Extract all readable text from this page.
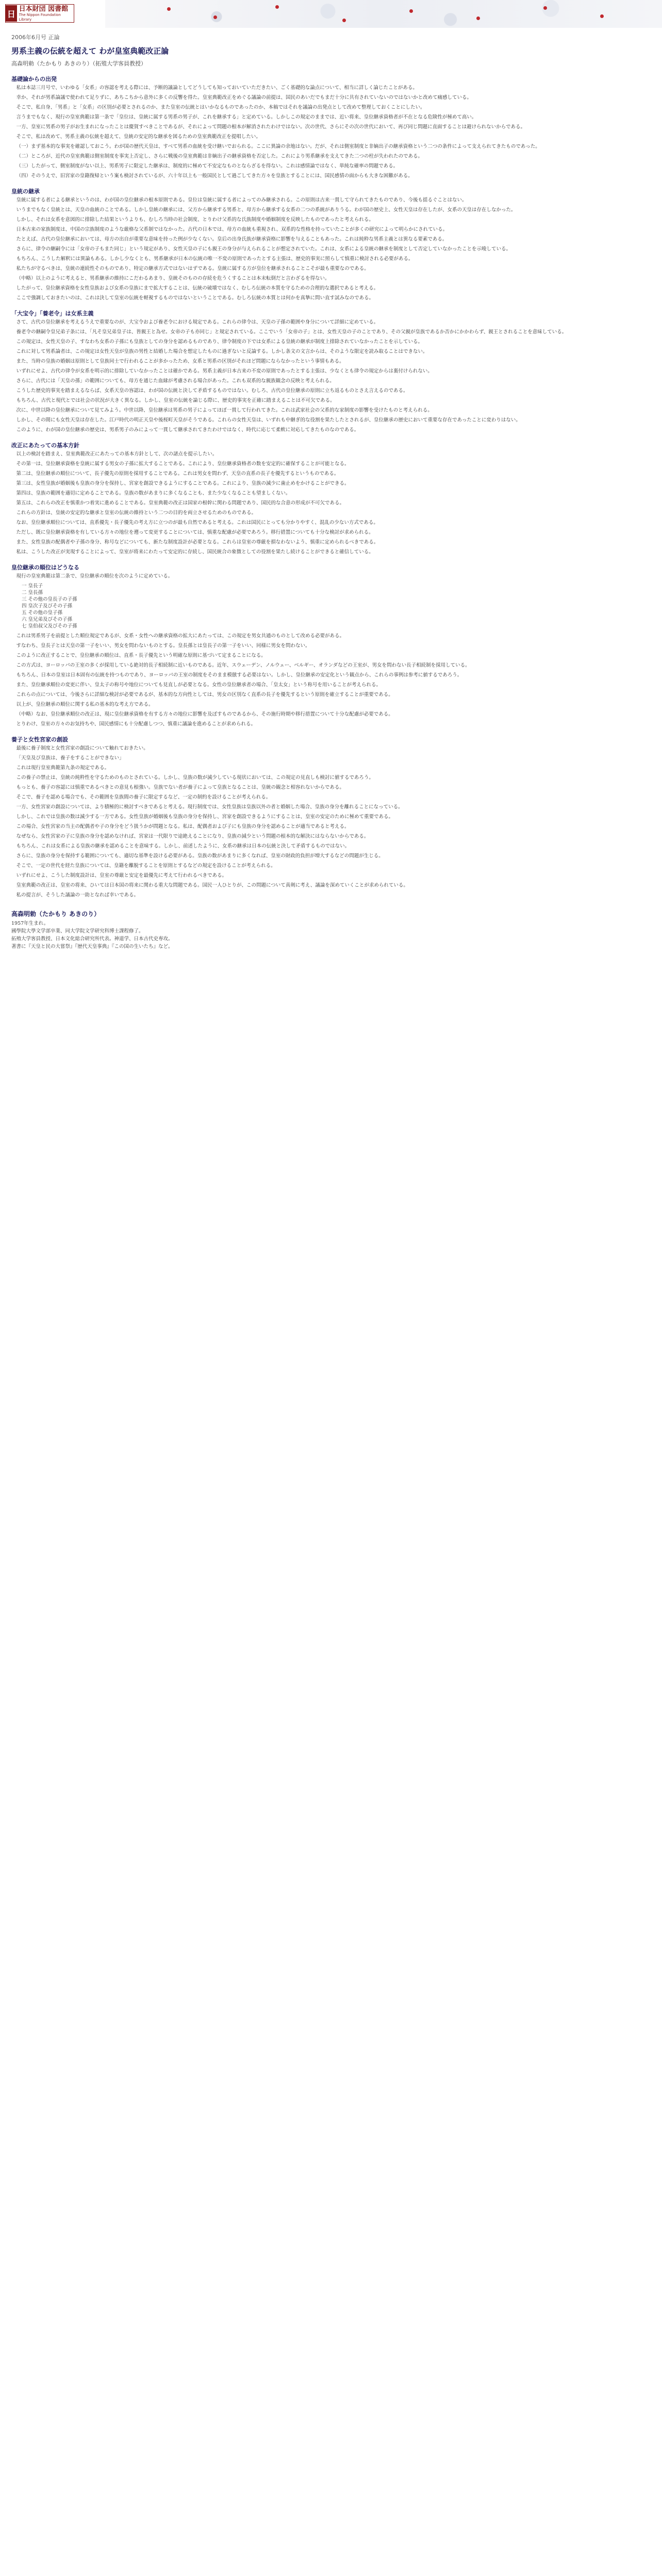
日
日本財団 図書館
The Nippon Foundation Library
2006年6月号 正論
男系主義の伝統を超えて わが皇室典範改正論
高森明勅（たかもり あきのり）（拓殖大学客員教授）
基礎論からの出発

私は本誌三月号で、いわゆる「女系」の容認を考える際には、予断的議論としてどうしても知っておいていただきたい、ごく基礎的な論点について、相当に詳しく論じたことがある。

幸か、それが男系論議で使われて足りずに、あちこちから意外に多くの反響を得た。皇室典範改正をめぐる議論の前提は、国民のあいだでもまだ十分に共有されていないのではないかと改めて痛感している。

そこで、私自身、「男系」と「女系」の区別が必要とされるのか、また皇室の伝統とはいかなるものであったのか、本稿ではそれを議論の出発点として改めて整理しておくことにしたい。

言うまでもなく、現行の皇室典範は第一条で「皇位は、皇統に属する男系の男子が、これを継承する」と定めている。しかしこの規定のままでは、近い将来、皇位継承資格者が不在となる危険性が極めて高い。

一方、皇室に男系の男子がお生まれになったことは慶賀すべきことであるが、それによって問題の根本が解消されたわけではない。次の世代、さらにその次の世代において、再び同じ問題に直面することは避けられないからである。

そこで、私は改めて、男系主義の伝統を超えて、皇統の安定的な継承を図るための皇室典範改正を提唱したい。

（一）まず基本的な事実を確認しておこう。わが国の歴代天皇は、すべて男系の血統を受け継いでおられる。ここに異論の余地はない。だが、それは側室制度と非嫡出子の継承資格という二つの条件によって支えられてきたものであった。

（二）ところが、近代の皇室典範は側室制度を事実上否定し、さらに戦後の皇室典範は非嫡出子の継承資格を否定した。これにより男系継承を支えてきた二つの柱が失われたのである。

（三）したがって、側室制度がない以上、男系男子に限定した継承は、制度的に極めて不安定なものとならざるを得ない。これは感情論ではなく、単純な確率の問題である。

（四）そのうえで、旧宮家の皇籍復帰という案も検討されているが、六十年以上も一般国民として過ごしてきた方々を皇族とすることには、国民感情の面からも大きな困難がある。

皇統の継承

皇統に属する者による継承というのは、わが国の皇位継承の根本原則である。皇位は皇統に属する者によってのみ継承される。この原則は古来一貫して守られてきたものであり、今後も揺るぐことはない。

いうまでもなく皇統とは、天皇の血統のことである。しかし皇統の継承には、父方から継承する男系と、母方から継承する女系の二つの系統がありうる。わが国の歴史上、女性天皇は存在したが、女系の天皇は存在しなかった。

しかし、それは女系を意図的に排除した結果というよりも、むしろ当時の社会制度、とりわけ父系的な氏族制度や婚姻制度を反映したものであったと考えられる。

日本古来の家族制度は、中国の宗族制度のような厳格な父系制ではなかった。古代の日本では、母方の血統も重視され、双系的な性格を持っていたことが多くの研究によって明らかにされている。

たとえば、古代の皇位継承においては、母方の出自が重要な意味を持った例が少なくない。皇后の出身氏族が継承資格に影響を与えることもあった。これは純粋な男系主義とは異なる要素である。

さらに、律令の継嗣令には「女帝の子もまた同じ」という規定があり、女性天皇の子にも親王の身分が与えられることが想定されていた。これは、女系による皇統の継承を制度として否定していなかったことを示唆している。

もちろん、こうした解釈には異論もある。しかし少なくとも、男系継承が日本の伝統の唯一不変の原則であったとする主張は、歴史的事実に照らして慎重に検討される必要がある。

私たちが守るべきは、皇統の連続性そのものであり、特定の継承方式ではないはずである。皇統に属する方が皇位を継承されることこそが最も重要なのである。

（中略）以上のように考えると、男系継承の維持にこだわるあまり、皇統そのものの存続を危うくすることは本末転倒だと言わざるを得ない。

したがって、皇位継承資格を女性皇族および女系の皇族にまで拡大することは、伝統の破壊ではなく、むしろ伝統の本質を守るための合理的な選択であると考える。

ここで強調しておきたいのは、これは決して皇室の伝統を軽視するものではないということである。むしろ伝統の本質とは何かを真摯に問い直す試みなのである。

「大宝令」「養老令」は女系主義

さて、古代の皇位継承を考えるうえで重要なのが、大宝令および養老令における規定である。これらの律令は、天皇の子孫の範囲や身分について詳細に定めている。

養老令の継嗣令皇兄弟子条には、「凡そ皇兄弟皇子は、皆親王と為せ。女帝の子も亦同じ」と規定されている。ここでいう「女帝の子」とは、女性天皇の子のことであり、その父親が皇族であるか否かにかかわらず、親王とされることを意味している。

この規定は、女性天皇の子、すなわち女系の子孫にも皇族としての身分を認めるものであり、律令制度の下では女系による皇統の継承が制度上排除されていなかったことを示している。

これに対して男系論者は、この規定は女性天皇が皇族の男性と結婚した場合を想定したものに過ぎないと反論する。しかし条文の文言からは、そのような限定を読み取ることはできない。

また、当時の皇族の婚姻は原則として皇族同士で行われることが多かったため、女系と男系の区別がそれほど問題にならなかったという事情もある。

いずれにせよ、古代の律令が女系を明示的に排除していなかったことは確かである。男系主義が日本古来の不変の原則であったとする主張は、少なくとも律令の規定からは裏付けられない。

さらに、古代には「天皇の孫」の範囲についても、母方を通じた血縁が考慮される場合があった。これも双系的な親族観念の反映と考えられる。

こうした歴史的事実を踏まえるならば、女系天皇の容認は、わが国の伝統と決して矛盾するものではない。むしろ、古代の皇位継承の原則に立ち返るものとさえ言えるのである。

もちろん、古代と現代とでは社会の状況が大きく異なる。しかし、皇室の伝統を論じる際に、歴史的事実を正確に踏まえることは不可欠である。

次に、中世以降の皇位継承について見てみよう。中世以降、皇位継承は男系の男子によってほぼ一貫して行われてきた。これは武家社会の父系的な家制度の影響を受けたものと考えられる。

しかし、その間にも女性天皇は存在した。江戸時代の明正天皇や後桜町天皇がそうである。これらの女性天皇は、いずれも中継ぎ的な役割を果たしたとされるが、皇位継承の歴史において重要な存在であったことに変わりはない。

このように、わが国の皇位継承の歴史は、男系男子のみによって一貫して継承されてきたわけではなく、時代に応じて柔軟に対応してきたものなのである。

改正にあたっての基本方針

以上の検討を踏まえ、皇室典範改正にあたっての基本方針として、次の諸点を提示したい。

その第一は、皇位継承資格を皇統に属する男女の子孫に拡大することである。これにより、皇位継承資格者の数を安定的に確保することが可能となる。

第二は、皇位継承の順位について、長子優先の原則を採用することである。これは男女を問わず、天皇の直系の長子を優先するというものである。

第三は、女性皇族が婚姻後も皇族の身分を保持し、宮家を創設できるようにすることである。これにより、皇族の減少に歯止めをかけることができる。

第四は、皇族の範囲を適切に定めることである。皇族の数があまりに多くなることも、また少なくなることも望ましくない。

第五は、これらの改正を慎重かつ着実に進めることである。皇室典範の改正は国家の根幹に関わる問題であり、国民的な合意の形成が不可欠である。

これらの方針は、皇統の安定的な継承と皇室の伝統の維持という二つの目的を両立させるためのものである。

なお、皇位継承順位については、直系優先・長子優先の考え方に立つのが最も自然であると考える。これは国民にとっても分かりやすく、混乱の少ない方式である。

ただし、既に皇位継承資格を有している方々の地位を遡って変更することについては、慎重な配慮が必要であろう。移行措置についても十分な検討が求められる。

また、女性皇族の配偶者や子孫の身分、称号などについても、新たな制度設計が必要となる。これらは皇室の尊厳を損なわないよう、慎重に定められるべきである。

私は、こうした改正が実現することによって、皇室が将来にわたって安定的に存続し、国民統合の象徴としての役割を果たし続けることができると確信している。

皇位継承の順位はどうなる

現行の皇室典範は第二条で、皇位継承の順位を次のように定めている。

一 皇長子
二 皇長孫
三 その他の皇長子の子孫
四 皇次子及びその子孫
五 その他の皇子孫
六 皇兄弟及びその子孫
七 皇伯叔父及びその子孫

これは男系男子を前提とした順位規定であるが、女系・女性への継承資格の拡大にあたっては、この規定を男女共通のものとして改める必要がある。

すなわち、皇長子とは天皇の第一子をいい、男女を問わないものとする。皇長孫とは皇長子の第一子をいい、同様に男女を問わない。

このように改正することで、皇位継承の順位は、直系・長子優先という明確な原則に基づいて定まることになる。

この方式は、ヨーロッパの王室の多くが採用している絶対的長子相続制に近いものである。近年、スウェーデン、ノルウェー、ベルギー、オランダなどの王室が、男女を問わない長子相続制を採用している。

もちろん、日本の皇室は日本固有の伝統を持つものであり、ヨーロッパの王室の制度をそのまま模倣する必要はない。しかし、皇位継承の安定化という観点から、これらの事例は参考に値するであろう。

また、皇位継承順位の変更に伴い、皇太子の称号や地位についても見直しが必要となる。女性の皇位継承者の場合、「皇太女」という称号を用いることが考えられる。

これらの点については、今後さらに詳細な検討が必要であるが、基本的な方向性としては、男女の区別なく直系の長子を優先するという原則を確立することが重要である。

以上が、皇位継承の順位に関する私の基本的な考え方である。

（中略）なお、皇位継承順位の改正は、現に皇位継承資格を有する方々の地位に影響を及ぼすものであるから、その施行時期や移行措置について十分な配慮が必要である。

とりわけ、皇室の方々のお気持ちや、国民感情にも十分配慮しつつ、慎重に議論を進めることが求められる。

養子と女性宮家の創設

最後に養子制度と女性宮家の創設について触れておきたい。

「天皇及び皇族は、養子をすることができない」

これは現行皇室典範第九条の規定である。

この養子の禁止は、皇統の純粋性を守るためのものとされている。しかし、皇族の数が減少している現状においては、この規定の見直しも検討に値するであろう。

もっとも、養子の容認には慎重であるべきとの意見も根強い。皇族でない者が養子によって皇族となることは、皇統の観念と相容れないからである。

そこで、養子を認める場合でも、その範囲を皇族間の養子に限定するなど、一定の制約を設けることが考えられる。

一方、女性宮家の創設については、より積極的に検討すべきであると考える。現行制度では、女性皇族は皇族以外の者と婚姻した場合、皇族の身分を離れることになっている。

しかし、これでは皇族の数は減少する一方である。女性皇族が婚姻後も皇族の身分を保持し、宮家を創設できるようにすることは、皇室の安定のために極めて重要である。

この場合、女性宮家の当主の配偶者や子の身分をどう扱うかが問題となる。私は、配偶者および子にも皇族の身分を認めることが適当であると考える。

なぜなら、女性宮家の子に皇族の身分を認めなければ、宮家は一代限りで途絶えることになり、皇族の減少という問題の根本的な解決にはならないからである。

もちろん、これは女系による皇族の継承を認めることを意味する。しかし、前述したように、女系の継承は日本の伝統と決して矛盾するものではない。

さらに、皇族の身分を保持する範囲についても、適切な基準を設ける必要がある。皇族の数があまりに多くなれば、皇室の財政的負担が増大するなどの問題が生じる。

そこで、一定の世代を経た皇族については、皇籍を離脱することを原則とするなどの規定を設けることが考えられる。

いずれにせよ、こうした制度設計は、皇室の尊厳と安定を最優先に考えて行われるべきである。

皇室典範の改正は、皇室の将来、ひいては日本国の将来に関わる重大な問題である。国民一人ひとりが、この問題について真剣に考え、議論を深めていくことが求められている。

私の提言が、そうした議論の一助となれば幸いである。

高森明勅（たかもり あきのり）
1957年生まれ。
國學院大學文学部卒業、同大学院文学研究科博士課程修了。
拓殖大学客員教授、日本文化総合研究所代表。神道学、日本古代史専攻。
著書に『天皇と民の大嘗祭』『歴代天皇事典』『この国の生いたち』など。
